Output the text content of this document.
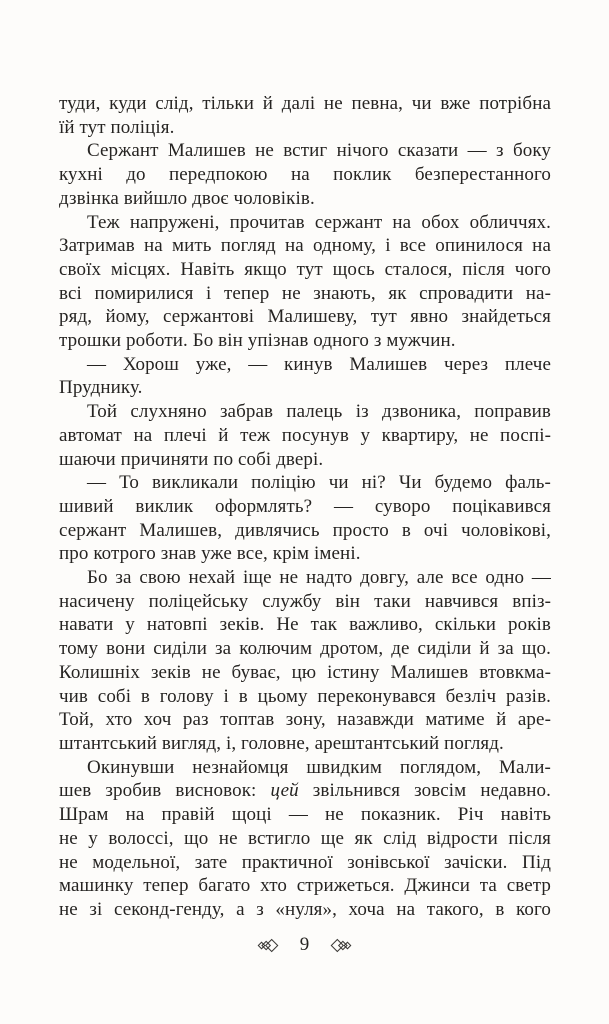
туди, куди слід, тільки й далі не певна, чи вже потрібна
їй тут поліція.
Сержант Малишев не встиг нічого сказати — з боку
кухні до передпокою на поклик безперестанного
дзвінка вийшло двоє чоловіків.
Теж напружені, прочитав сержант на обох обличчях.
Затримав на мить погляд на одному, і все опинилося на
своїх місцях. Навіть якщо тут щось сталося, після чого
всі помирилися і тепер не знають, як спровадити на-
ряд, йому, сержантові Малишеву, тут явно знайдеться
трошки роботи. Бо він упізнав одного з мужчин.
— Хорош уже, — кинув Малишев через плече
Пруднику.
Той слухняно забрав палець із дзвоника, поправив
автомат на плечі й теж посунув у квартиру, не поспі-
шаючи причиняти по собі двері.
— То викликали поліцію чи ні? Чи будемо фаль-
шивий виклик оформлять? — суворо поцікавився
сержант Малишев, дивлячись просто в очі чоловікові,
про котрого знав уже все, крім імені.
Бо за свою нехай іще не надто довгу, але все одно —
насичену поліцейську службу він таки навчився впіз-
навати у натовпі зеків. Не так важливо, скільки років
тому вони сиділи за колючим дротом, де сиділи й за що.
Колишніх зеків не буває, цю істину Малишев втовкма-
чив собі в голову і в цьому переконувався безліч разів.
Той, хто хоч раз топтав зону, назавжди матиме й аре-
штантський вигляд, і, головне, арештантський погляд.
Окинувши незнайомця швидким поглядом, Мали-
шев зробив висновок: цей звільнився зовсім недавно.
Шрам на правій щоці — не показник. Річ навіть
не у волоссі, що не встигло ще як слід відрости після
не модельної, зате практичної зонівської зачіски. Під
машинку тепер багато хто стрижеться. Джинси та светр
не зі секонд-генду, а з «нуля», хоча на такого, в кого
9
